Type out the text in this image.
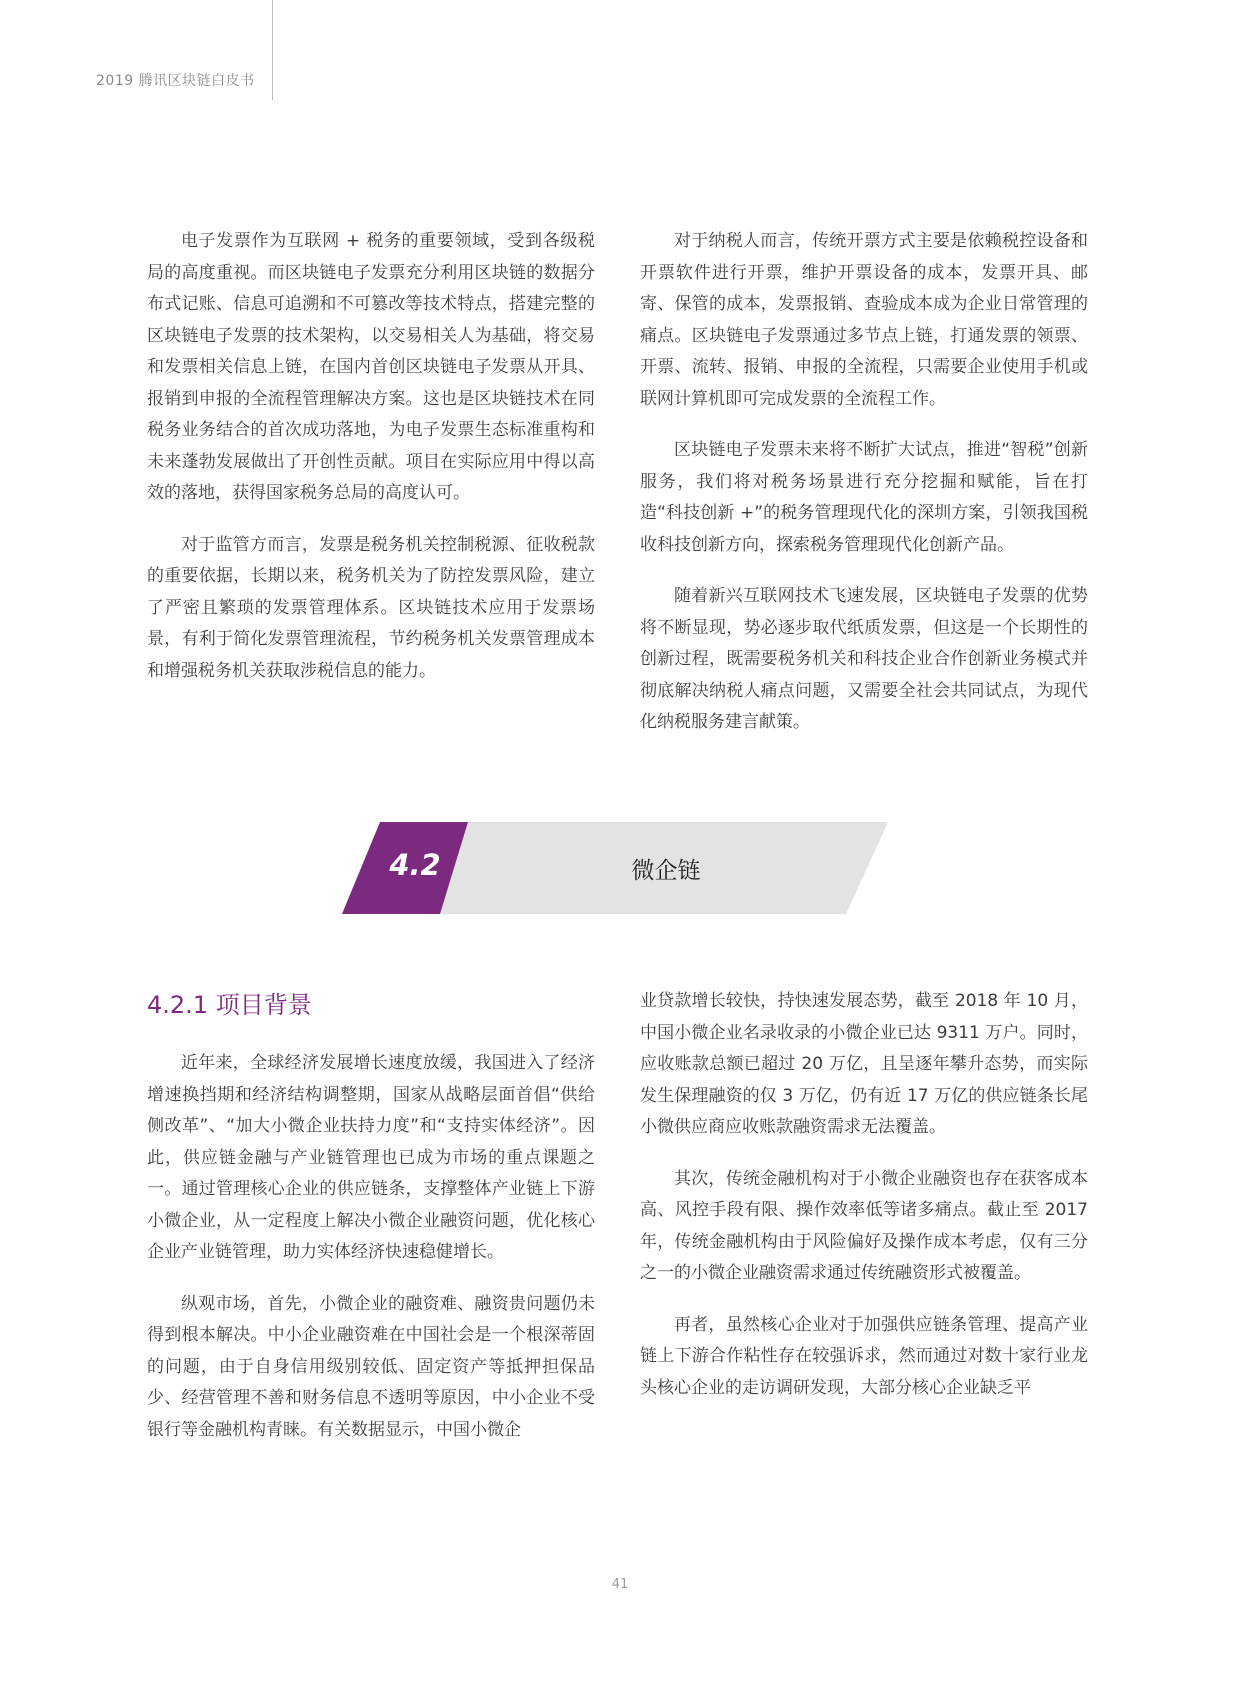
2019 腾讯区块链白皮书

电子发票作为互联网 + 税务的重要领域，受到各级税局的高度重视。而区块链电子发票充分利用区块链的数据分布式记账、信息可追溯和不可篡改等技术特点，搭建完整的区块链电子发票的技术架构，以交易相关人为基础，将交易和发票相关信息上链，在国内首创区块链电子发票从开具、报销到申报的全流程管理解决方案。这也是区块链技术在同税务业务结合的首次成功落地，为电子发票生态标准重构和未来蓬勃发展做出了开创性贡献。项目在实际应用中得以高效的落地，获得国家税务总局的高度认可。

对于监管方而言，发票是税务机关控制税源、征收税款的重要依据，长期以来，税务机关为了防控发票风险，建立了严密且繁琐的发票管理体系。区块链技术应用于发票场景，有利于简化发票管理流程，节约税务机关发票管理成本和增强税务机关获取涉税信息的能力。

对于纳税人而言，传统开票方式主要是依赖税控设备和开票软件进行开票，维护开票设备的成本，发票开具、邮寄、保管的成本，发票报销、查验成本成为企业日常管理的痛点。区块链电子发票通过多节点上链，打通发票的领票、开票、流转、报销、申报的全流程，只需要企业使用手机或联网计算机即可完成发票的全流程工作。

区块链电子发票未来将不断扩大试点，推进“智税”创新服务，我们将对税务场景进行充分挖掘和赋能，旨在打造“科技创新 +”的税务管理现代化的深圳方案，引领我国税收科技创新方向，探索税务管理现代化创新产品。

随着新兴互联网技术飞速发展，区块链电子发票的优势将不断显现，势必逐步取代纸质发票，但这是一个长期性的创新过程，既需要税务机关和科技企业合作创新业务模式并彻底解决纳税人痛点问题，又需要全社会共同试点，为现代化纳税服务建言献策。

4.2	微企链
4.2.1 项目背景

近年来，全球经济发展增长速度放缓，我国进入了经济增速换挡期和经济结构调整期，国家从战略层面首倡“供给侧改革”、“加大小微企业扶持力度”和“支持实体经济”。因此，供应链金融与产业链管理也已成为市场的重点课题之一。通过管理核心企业的供应链条，支撑整体产业链上下游小微企业，从一定程度上解决小微企业融资问题，优化核心企业产业链管理，助力实体经济快速稳健增长。

纵观市场，首先，小微企业的融资难、融资贵问题仍未得到根本解决。中小企业融资难在中国社会是一个根深蒂固的问题，由于自身信用级别较低、固定资产等抵押担保品少、经营管理不善和财务信息不透明等原因，中小企业不受银行等金融机构青睐。有关数据显示，中国小微企

业贷款增长较快，持快速发展态势，截至 2018 年 10 月，中国小微企业名录收录的小微企业已达 9311 万户。同时，应收账款总额已超过 20 万亿，且呈逐年攀升态势，而实际发生保理融资的仅 3 万亿，仍有近 17 万亿的供应链条长尾小微供应商应收账款融资需求无法覆盖。

其次，传统金融机构对于小微企业融资也存在获客成本高、风控手段有限、操作效率低等诸多痛点。截止至 2017 年，传统金融机构由于风险偏好及操作成本考虑，仅有三分之一的小微企业融资需求通过传统融资形式被覆盖。

再者，虽然核心企业对于加强供应链条管理、提高产业链上下游合作粘性存在较强诉求，然而通过对数十家行业龙头核心企业的走访调研发现，大部分核心企业缺乏平

41
